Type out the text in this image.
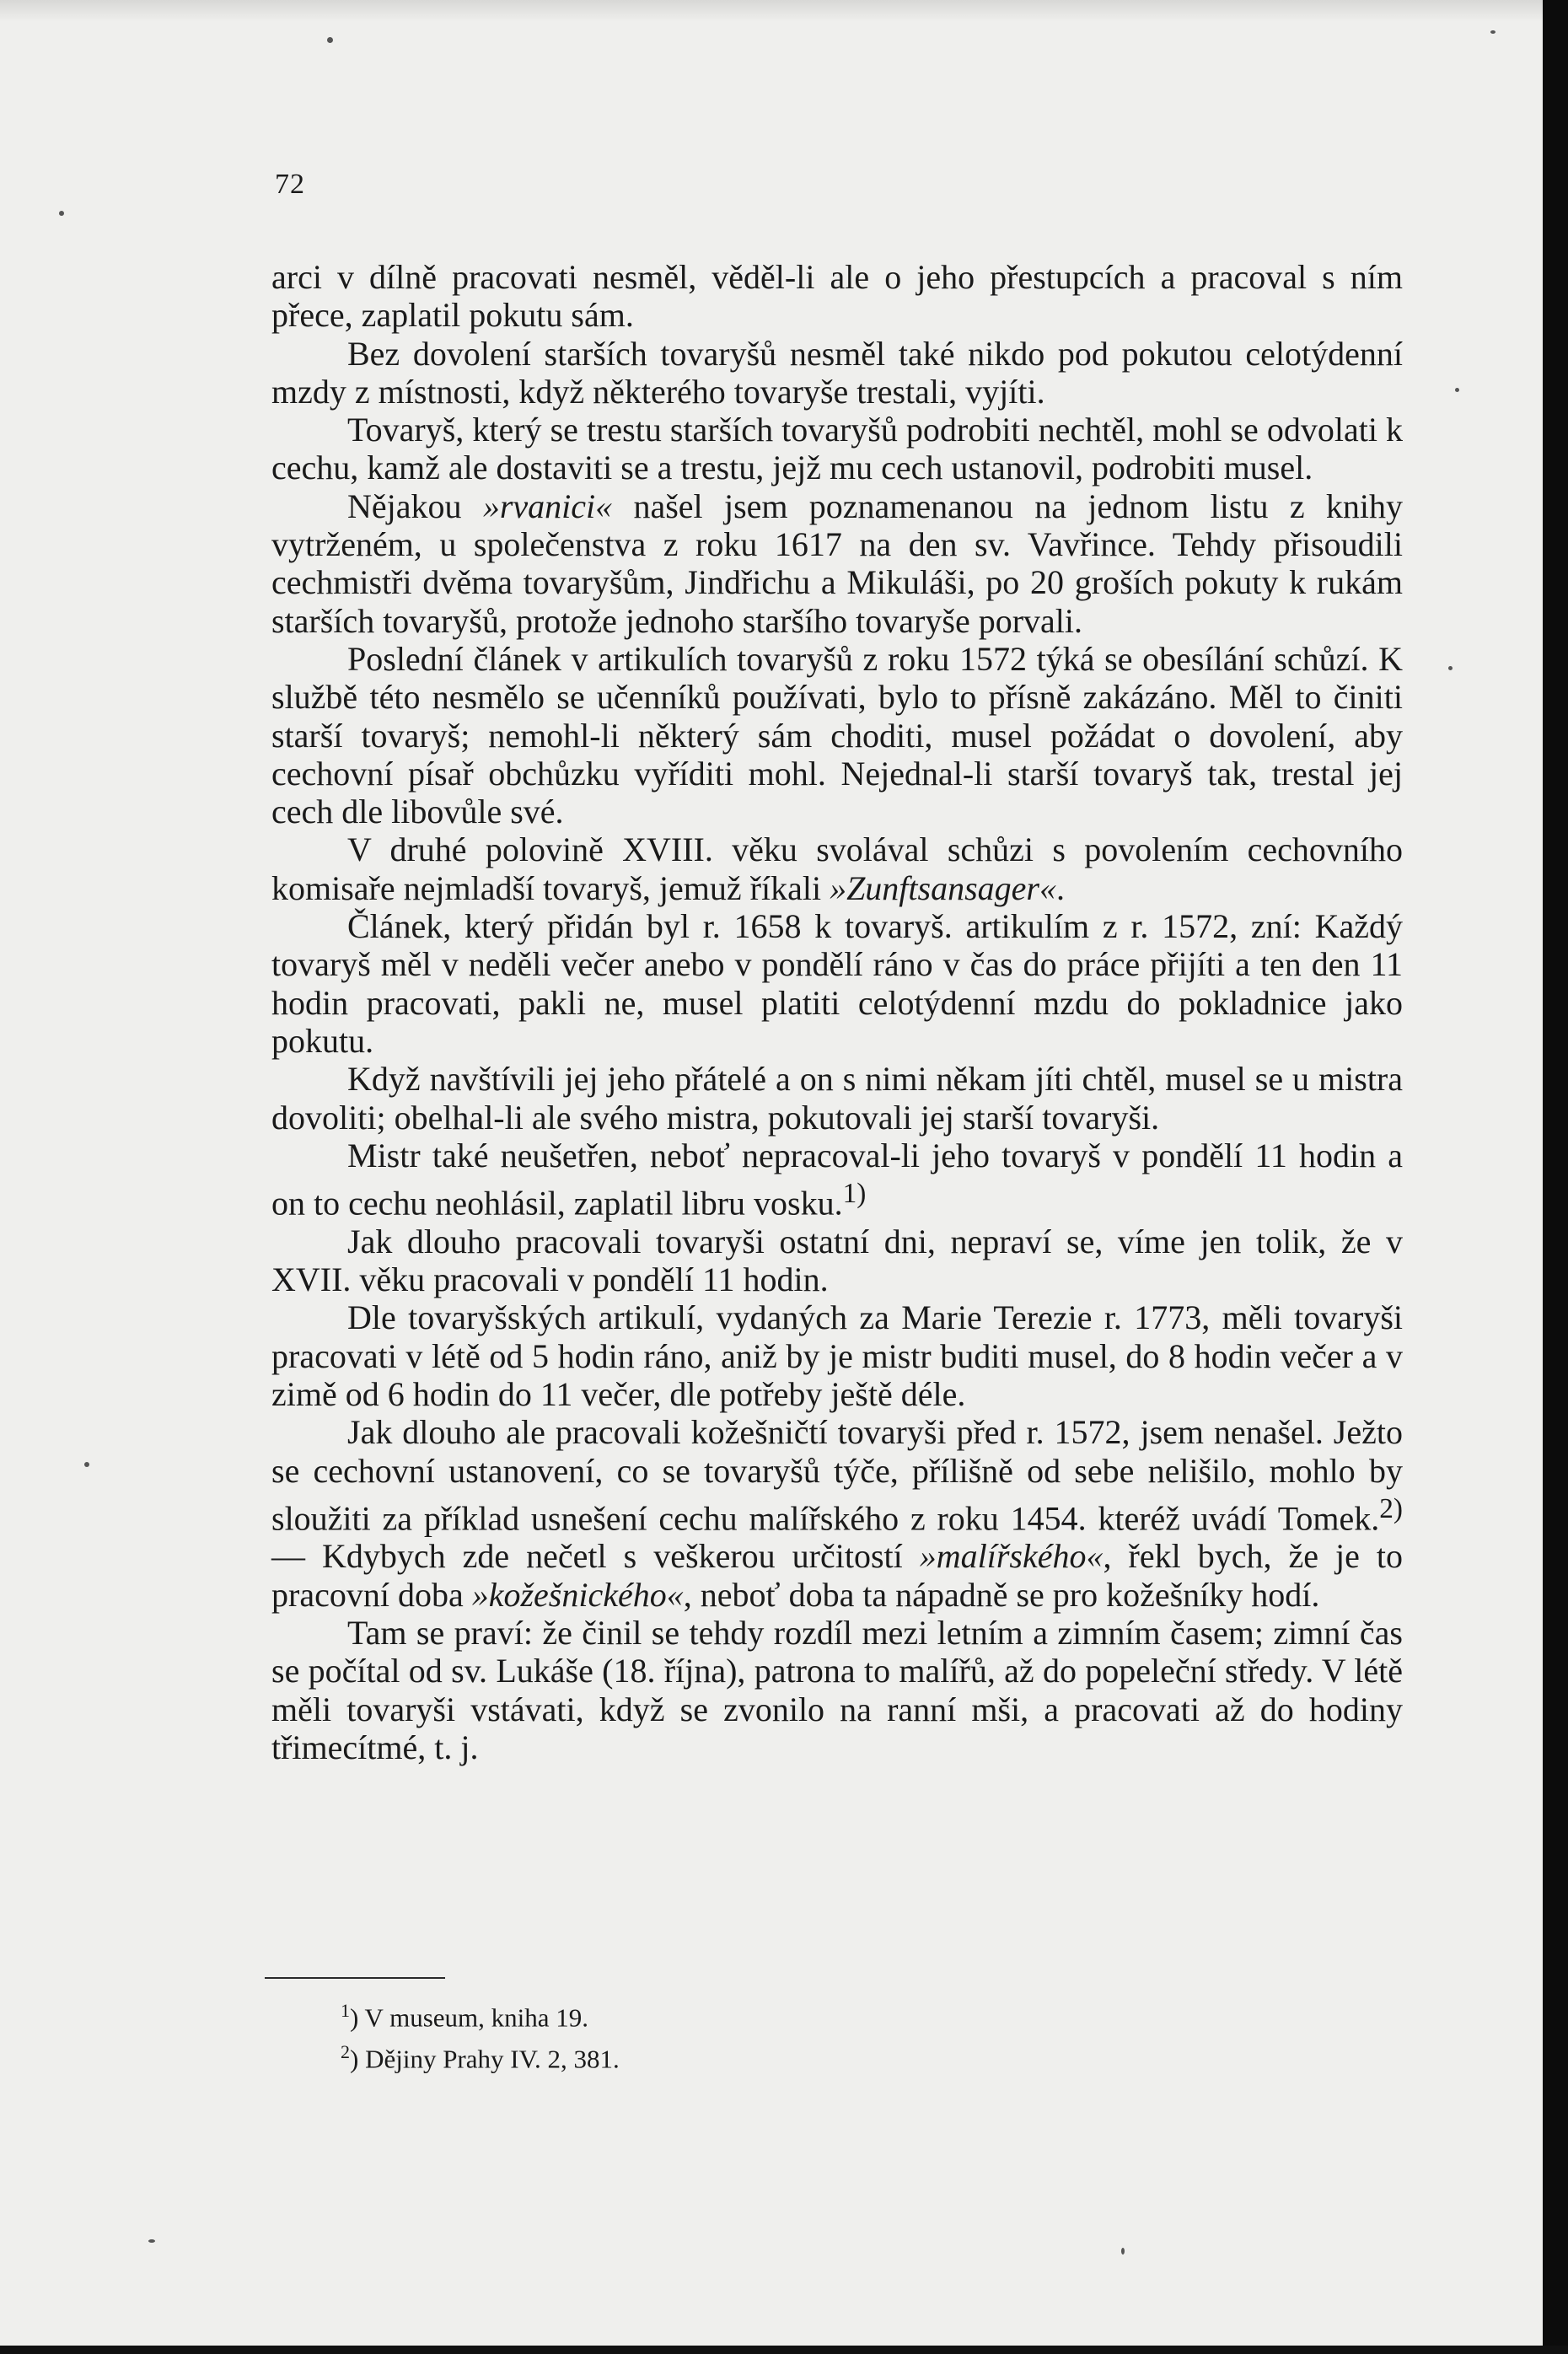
72

arci v dílně pracovati nesměl, věděl-li ale o jeho přestupcích a pracoval s ním přece, zaplatil pokutu sám.

Bez dovolení starších tovaryšů nesměl také nikdo pod pokutou celotýdenní mzdy z místnosti, když některého tovaryše trestali, vyjíti.

Tovaryš, který se trestu starších tovaryšů podrobiti nechtěl, mohl se odvolati k cechu, kamž ale dostaviti se a trestu, jejž mu cech ustanovil, podrobiti musel.

Nějakou »rvanici« našel jsem poznamenanou na jednom listu z knihy vytrženém, u společenstva z roku 1617 na den sv. Vavřince. Tehdy přisoudili cechmistři dvěma tovaryšům, Jindřichu a Mikuláši, po 20 groších pokuty k rukám starších tovaryšů, protože jednoho staršího tovaryše porvali.

Poslední článek v artikulích tovaryšů z roku 1572 týká se obesílání schůzí. K službě této nesmělo se učenníků používati, bylo to přísně zakázáno. Měl to činiti starší tovaryš; nemohl-li některý sám choditi, musel požádat o dovolení, aby cechovní písař obchůzku vyříditi mohl. Nejednal-li starší tovaryš tak, trestal jej cech dle libovůle své.

V druhé polovině XVIII. věku svolával schůzi s povolením cechovního komisaře nejmladší tovaryš, jemuž říkali »Zunftsansager«.

Článek, který přidán byl r. 1658 k tovaryš. artikulím z r. 1572, zní: Každý tovaryš měl v neděli večer anebo v pondělí ráno v čas do práce přijíti a ten den 11 hodin pracovati, pakli ne, musel platiti celotýdenní mzdu do pokladnice jako pokutu.

Když navštívili jej jeho přátelé a on s nimi někam jíti chtěl, musel se u mistra dovoliti; obelhal-li ale svého mistra, pokutovali jej starší tovaryši.

Mistr také neušetřen, neboť nepracoval-li jeho tovaryš v pondělí 11 hodin a on to cechu neohlásil, zaplatil libru vosku.$^{1)}$

Jak dlouho pracovali tovaryši ostatní dni, nepraví se, víme jen tolik, že v XVII. věku pracovali v pondělí 11 hodin.

Dle tovaryšských artikulí, vydaných za Marie Terezie r. 1773, měli tovaryši pracovati v létě od 5 hodin ráno, aniž by je mistr buditi musel, do 8 hodin večer a v zimě od 6 hodin do 11 večer, dle potřeby ještě déle.

Jak dlouho ale pracovali kožešničtí tovaryši před r. 1572, jsem nenašel. Ježto se cechovní ustanovení, co se tovaryšů týče, přílišně od sebe nelišilo, mohlo by sloužiti za příklad usnešení cechu malířského z roku 1454. kteréž uvádí Tomek.$^{2)}$ — Kdybych zde nečetl s veškerou určitostí »malířského«, řekl bych, že je to pracovní doba »kožešnického«, neboť doba ta nápadně se pro kožešníky hodí.

Tam se praví: že činil se tehdy rozdíl mezi letním a zimním časem; zimní čas se počítal od sv. Lukáše (18. října), patrona to malířů, až do popeleční středy. V létě měli tovaryši vstávati, když se zvonilo na ranní mši, a pracovati až do hodiny třimecítmé, t. j.

$^1$) V museum, kniha 19.

$^2$) Dějiny Prahy IV. 2, 381.
